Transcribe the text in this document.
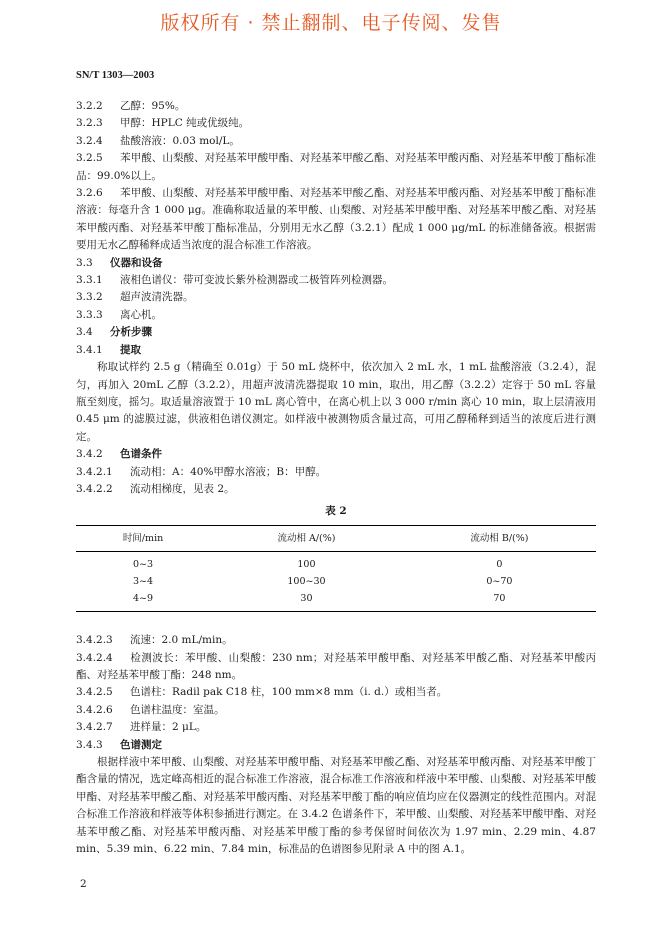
版权所有 · 禁止翻制、电子传阅、发售
SN/T 1303—2003

3.2.2 乙醇：95%。

3.2.3 甲醇：HPLC 纯或优级纯。

3.2.4 盐酸溶液：0.03 mol/L。

3.2.5 苯甲酸、山梨酸、对羟基苯甲酸甲酯、对羟基苯甲酸乙酯、对羟基苯甲酸丙酯、对羟基苯甲酸丁酯标准品：99.0%以上。

3.2.6 苯甲酸、山梨酸、对羟基苯甲酸甲酯、对羟基苯甲酸乙酯、对羟基苯甲酸丙酯、对羟基苯甲酸丁酯标准溶液：每毫升含 1 000 μg。准确称取适量的苯甲酸、山梨酸、对羟基苯甲酸甲酯、对羟基苯甲酸乙酯、对羟基苯甲酸丙酯、对羟基苯甲酸丁酯标准品，分别用无水乙醇（3.2.1）配成 1 000 μg/mL 的标准储备液。根据需要用无水乙醇稀释成适当浓度的混合标准工作溶液。

3.3 仪器和设备

3.3.1 液相色谱仪：带可变波长紫外检测器或二极管阵列检测器。

3.3.2 超声波清洗器。

3.3.3 离心机。

3.4 分析步骤

3.4.1 提取

称取试样约 2.5 g（精确至 0.01g）于 50 mL 烧杯中，依次加入 2 mL 水，1 mL 盐酸溶液（3.2.4），混匀，再加入 20mL 乙醇（3.2.2），用超声波清洗器提取 10 min，取出，用乙醇（3.2.2）定容于 50 mL 容量瓶至刻度，摇匀。取适量溶液置于 10 mL 离心管中，在离心机上以 3 000 r/min 离心 10 min，取上层清液用 0.45 μm 的滤膜过滤，供液相色谱仪测定。如样液中被测物质含量过高，可用乙醇稀释到适当的浓度后进行测定。

3.4.2 色谱条件

3.4.2.1 流动相：A：40%甲醇水溶液；B：甲醇。

3.4.2.2 流动相梯度，见表 2。

表 2
时间/min	流动相 A/(%)	流动相 B/(%)
0~3	100	0
3~4	100~30	0~70
4~9	30	70

3.4.2.3 流速：2.0 mL/min。

3.4.2.4 检测波长：苯甲酸、山梨酸：230 nm；对羟基苯甲酸甲酯、对羟基苯甲酸乙酯、对羟基苯甲酸丙酯、对羟基苯甲酸丁酯：248 nm。

3.4.2.5 色谱柱：Radil pak C18 柱，100 mm×8 mm（i. d.）或相当者。

3.4.2.6 色谱柱温度：室温。

3.4.2.7 进样量：2 μL。

3.4.3 色谱测定

根据样液中苯甲酸、山梨酸、对羟基苯甲酸甲酯、对羟基苯甲酸乙酯、对羟基苯甲酸丙酯、对羟基苯甲酸丁酯含量的情况，选定峰高相近的混合标准工作溶液，混合标准工作溶液和样液中苯甲酸、山梨酸、对羟基苯甲酸甲酯、对羟基苯甲酸乙酯、对羟基苯甲酸丙酯、对羟基苯甲酸丁酯的响应值均应在仪器测定的线性范围内。对混合标准工作溶液和样液等体积参插进行测定。在 3.4.2 色谱条件下，苯甲酸、山梨酸、对羟基苯甲酸甲酯、对羟基苯甲酸乙酯、对羟基苯甲酸丙酯、对羟基苯甲酸丁酯的参考保留时间依次为 1.97 min、2.29 min、4.87 min、5.39 min、6.22 min、7.84 min，标准品的色谱图参见附录 A 中的图 A.1。

2
